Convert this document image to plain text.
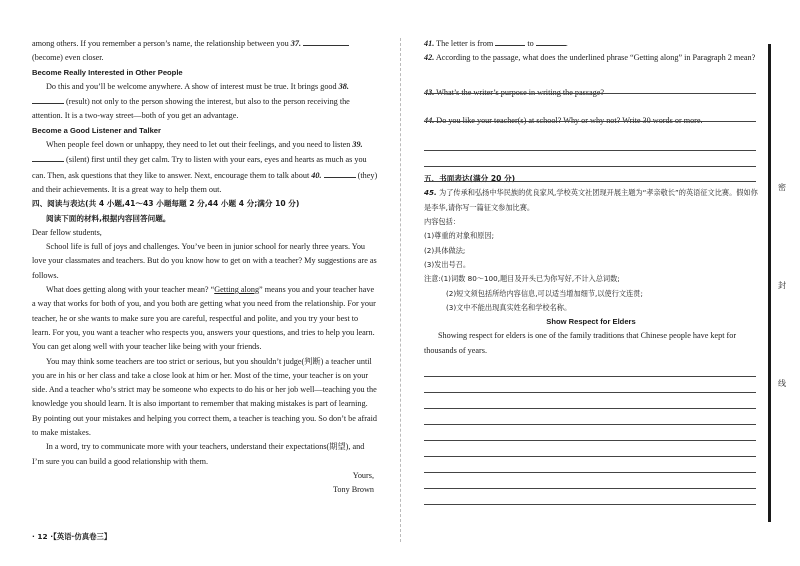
among others. If you remember a person’s name, the relationship between you 37.  (become) even closer.

Become Really Interested in Other People

Do this and you’ll be welcome anywhere. A show of interest must be true. It brings good 38.  (result) not only to the person showing the interest, but also to the person receiving the attention. It is a two-way street—both of you get an advantage.

Become a Good Listener and Talker

When people feel down or unhappy, they need to let out their feelings, and you need to listen 39.  (silent) first until they get calm. Try to listen with your ears, eyes and hearts as much as you can. Then, ask questions that they like to answer. Next, encourage them to talk about 40.	(they) and their achievements. It is a great way to help them out.

四、阅读与表达(共 4 小题,41～43 小题每题 2 分,44 小题 4 分;满分 10 分)

阅读下面的材料,根据内容回答问题。

Dear fellow students,

School life is full of joys and challenges. You’ve been in junior school for nearly three years. You love your classmates and teachers. But do you know how to get on with a teacher? My suggestions are as follows.

What does getting along with your teacher mean? “Getting along” means you and your teacher have a way that works for both of you, and you both are getting what you need from the relationship. For your teacher, he or she wants to make sure you are careful, respectful and polite, and you try your best to learn. For you, you want a teacher who respects you, answers your questions, and tries to help you learn. You can get along well with your teacher like being with your friends.

You may think some teachers are too strict or serious, but you shouldn’t judge(判断) a teacher until you are in his or her class and take a close look at him or her. Most of the time, your teacher is on your side. And a teacher who’s strict may be someone who expects to do his or her job well—teaching you the knowledge you should learn. It is also important to remember that making mistakes is part of learning. By pointing out your mistakes and helping you correct them, a teacher is teaching you. So don’t be afraid to make mistakes.

In a word, try to communicate more with your teachers, understand their expectations(期望), and I’m sure you can build a good relationship with them.

Yours,

Tony Brown

41. The letter is from	to	.

42. According to the passage, what does the underlined phrase “Getting along” in Paragraph 2 mean?

43. What’s the writer’s purpose in writing the passage?

44. Do you like your teacher(s) at school? Why or why not? Write 30 words or more.

五、书面表达(满分 20 分)

45. 为了传承和弘扬中华民族的优良家风,学校英文社团现开展主题为“孝亲敬长”的英语征文比赛。假如你是李华,请你写一篇征文参加比赛。

内容包括：

(1)尊重的对象和原因;

(2)具体做法;

(3)发出号召。

注意:(1)词数 80～100,题目及开头已为你写好,不计入总词数;

(2)短文须包括所给内容信息,可以适当增加细节,以使行文连贯;

(3)文中不能出现真实姓名和学校名称。

Show Respect for Elders

Showing respect for elders is one of the family traditions that Chinese people have kept for thousands of years.

密
封
线
· 12 ·【英语·仿真卷三】
